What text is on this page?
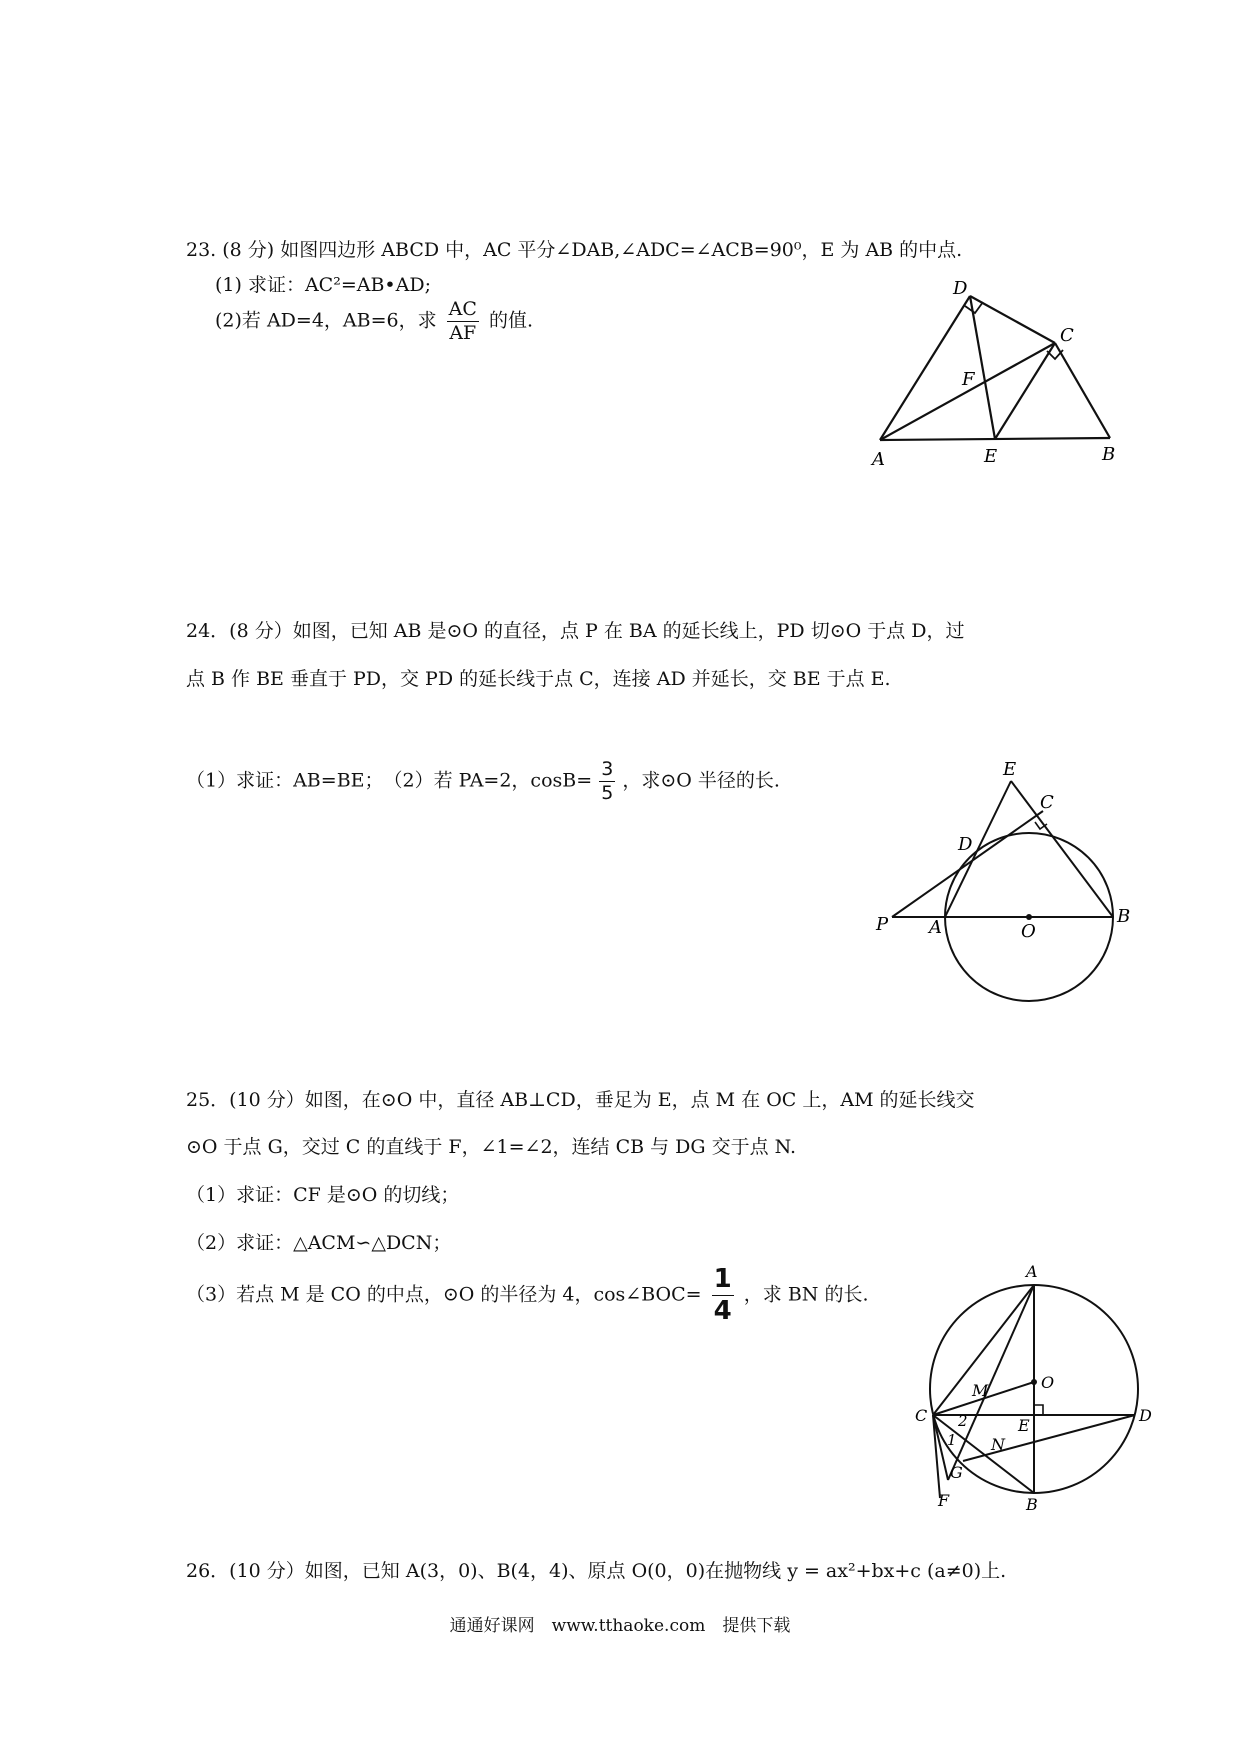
23. (8 分) 如图四边形 ABCD 中，AC 平分∠DAB,∠ADC=∠ACB=90⁰，E 为 AB 的中点.
(1) 求证：AC²=AB•AD;
(2)若 AD=4，AB=6，求 $\frac{AC}{AF}$ 的值.
A	B
C
D
E
F
24．(8 分）如图，已知 AB 是⊙O 的直径，点 P 在 BA 的延长线上，PD 切⊙O 于点 D，过
点 B 作 BE 垂直于 PD，交 PD 的延长线于点 C，连接 AD 并延长，交 BE 于点 E.
（1）求证：AB=BE；　（2）若 PA=2，$\cos B= \frac{3}{5}$ ，求⊙O 半径的长.	E
C
D
P A	O
B
25．(10 分）如图，在⊙O 中，直径 AB⊥CD，垂足为 E，点 M 在 OC 上，AM 的延长线交
⊙O 于点 G，交过 C 的直线于 F，∠1=∠2，连结 CB 与 DG 交于点 N.
（1）求证：CF 是⊙O 的切线；
（2）求证：△ACM∽△DCN；
（3）若点 M 是 CO 的中点，⊙O 的半径为 4，cos∠BOC= $\frac{1}{4}$ ，求 BN 的长.
A
O
M
C	D
E
N
G
F	B
1
2
26．(10 分）如图，已知 A(3，0)、B(4，4)、原点 O(0，0)在抛物线 y = ax²+bx+c (a≠0)上.
通通好课网　www.tthaoke.com　提供下载
